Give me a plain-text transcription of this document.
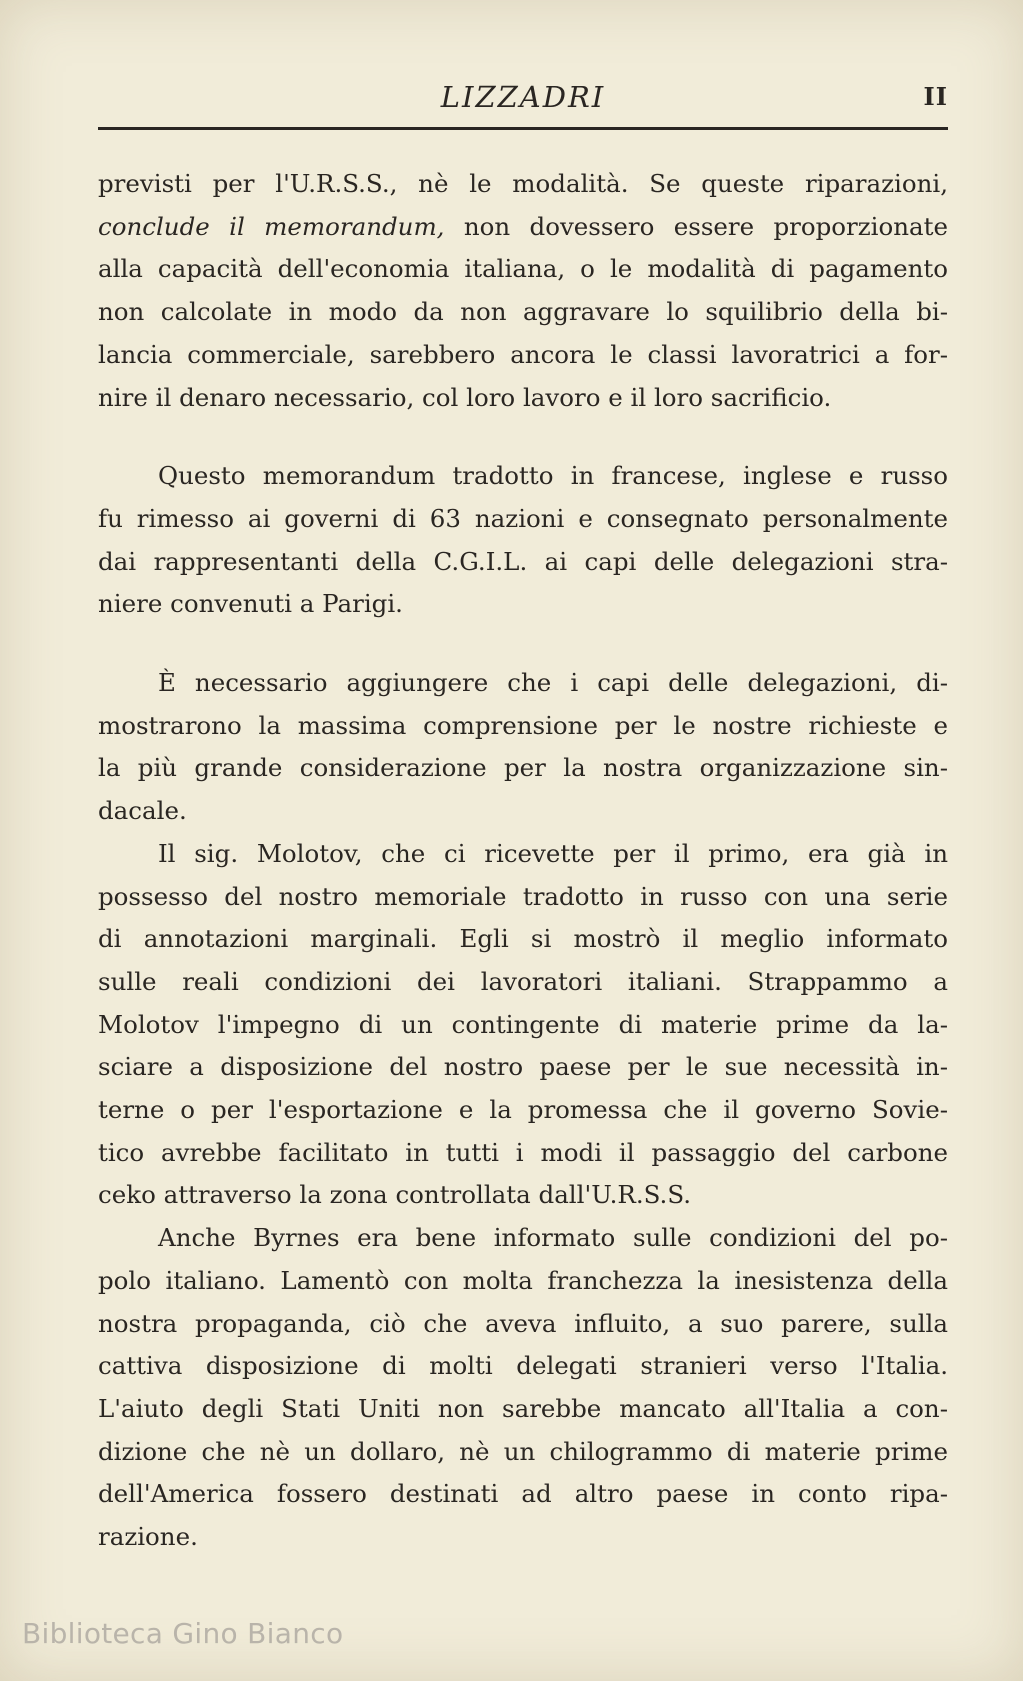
LIZZADRI	II

previsti per l'U.R.S.S., nè le modalità. Se queste riparazioni,
conclude il memorandum, non dovessero essere proporzionate
alla capacità dell'economia italiana, o le modalità di pagamento
non calcolate in modo da non aggravare lo squilibrio della bi-
lancia commerciale, sarebbero ancora le classi lavoratrici a for-
nire il denaro necessario, col loro lavoro e il loro sacrificio.

Questo memorandum tradotto in francese, inglese e russo
fu rimesso ai governi di 63 nazioni e consegnato personalmente
dai rappresentanti della C.G.I.L. ai capi delle delegazioni stra-
niere convenuti a Parigi.

È necessario aggiungere che i capi delle delegazioni, di-
mostrarono la massima comprensione per le nostre richieste e
la più grande considerazione per la nostra organizzazione sin-
dacale.

Il sig. Molotov, che ci ricevette per il primo, era già in
possesso del nostro memoriale tradotto in russo con una serie
di annotazioni marginali. Egli si mostrò il meglio informato
sulle reali condizioni dei lavoratori italiani. Strappammo a
Molotov l'impegno di un contingente di materie prime da la-
sciare a disposizione del nostro paese per le sue necessità in-
terne o per l'esportazione e la promessa che il governo Sovie-
tico avrebbe facilitato in tutti i modi il passaggio del carbone
ceko attraverso la zona controllata dall'U.R.S.S.

Anche Byrnes era bene informato sulle condizioni del po-
polo italiano. Lamentò con molta franchezza la inesistenza della
nostra propaganda, ciò che aveva influito, a suo parere, sulla
cattiva disposizione di molti delegati stranieri verso l'Italia.
L'aiuto degli Stati Uniti non sarebbe mancato all'Italia a con-
dizione che nè un dollaro, nè un chilogrammo di materie prime
dell'America fossero destinati ad altro paese in conto ripa-
razione.

Biblioteca Gino Bianco
